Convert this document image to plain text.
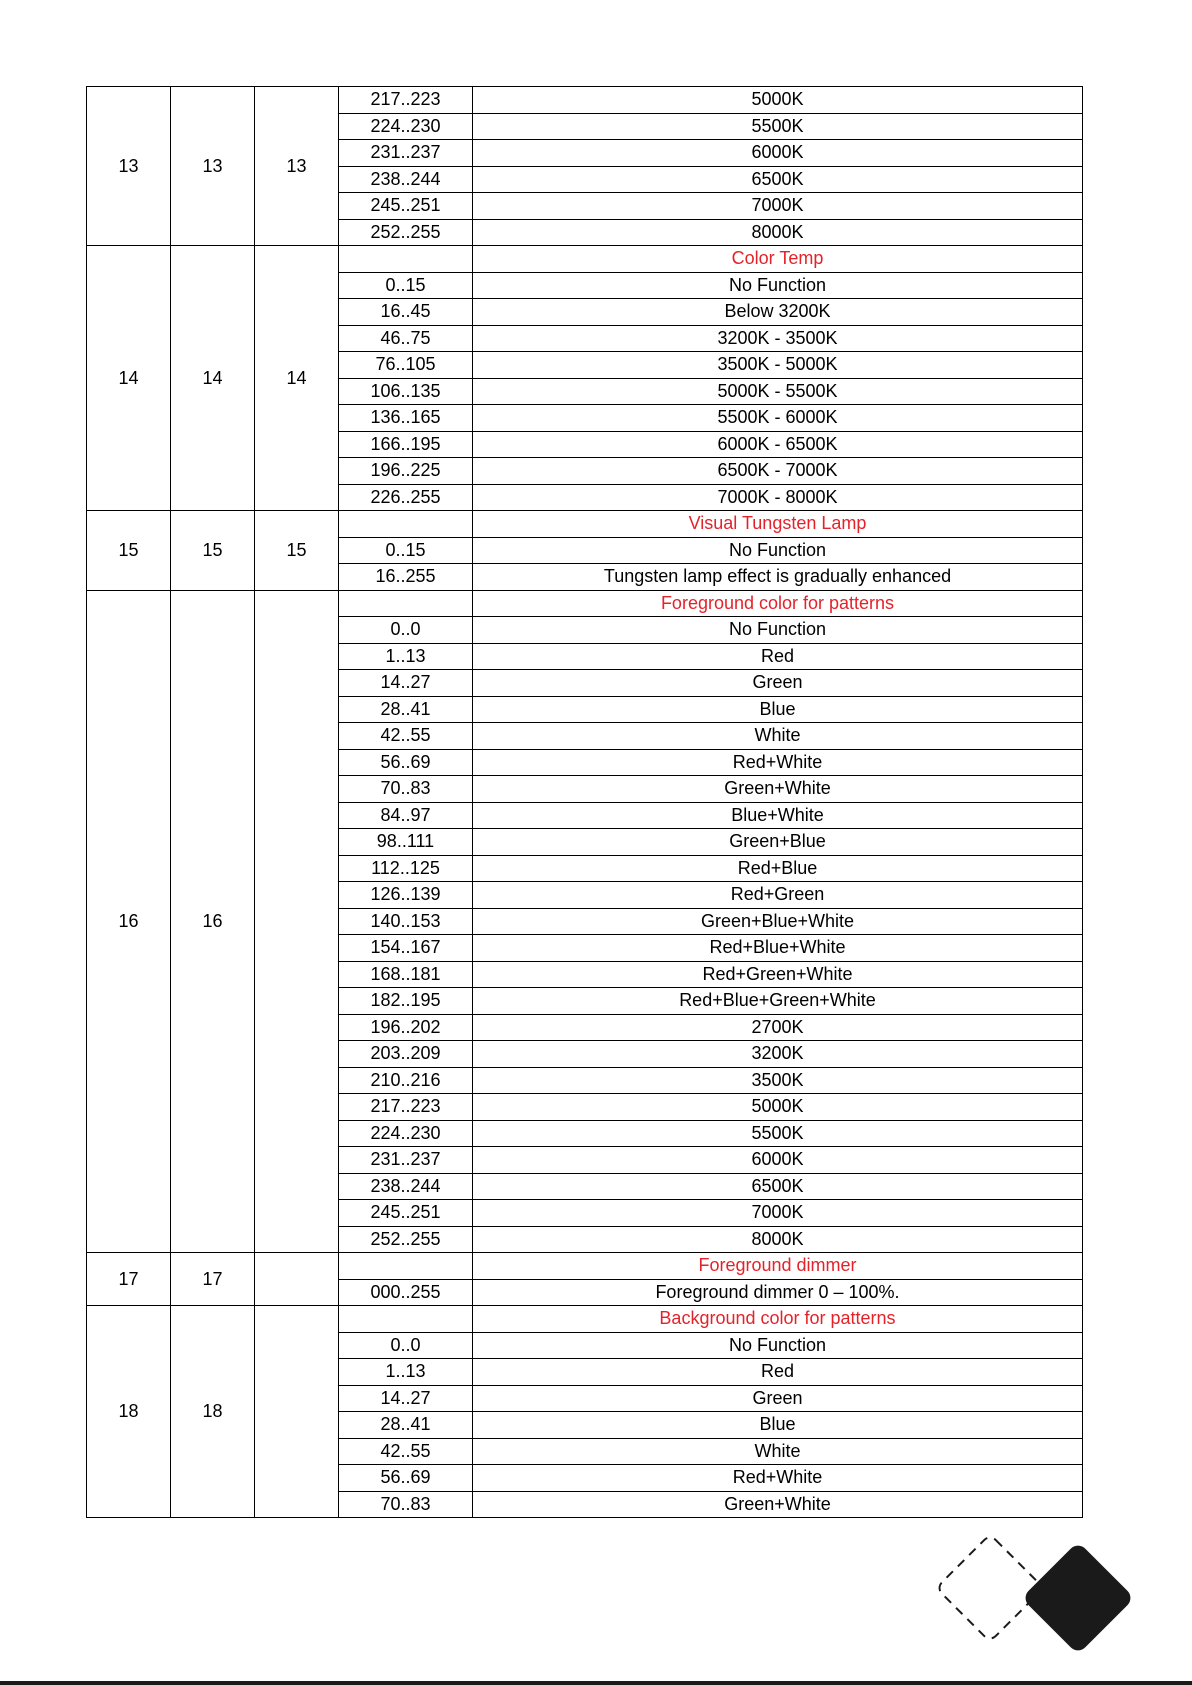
13	13	13	217..223	5000K
			224..230	5500K
			231..237	6000K
			238..244	6500K
			245..251	7000K
			252..255	8000K
14	14	14		Color Temp
			0..15	No Function
			16..45	Below 3200K
			46..75	3200K - 3500K
			76..105	3500K - 5000K
			106..135	5000K - 5500K
			136..165	5500K - 6000K
			166..195	6000K - 6500K
			196..225	6500K - 7000K
			226..255	7000K - 8000K
15	15	15		Visual Tungsten Lamp
			0..15	No Function
			16..255	Tungsten lamp effect is gradually enhanced
16	16			Foreground color for patterns
			0..0	No Function
			1..13	Red
			14..27	Green
			28..41	Blue
			42..55	White
			56..69	Red+White
			70..83	Green+White
			84..97	Blue+White
			98..111	Green+Blue
			112..125	Red+Blue
			126..139	Red+Green
			140..153	Green+Blue+White
			154..167	Red+Blue+White
			168..181	Red+Green+White
			182..195	Red+Blue+Green+White
			196..202	2700K
			203..209	3200K
			210..216	3500K
			217..223	5000K
			224..230	5500K
			231..237	6000K
			238..244	6500K
			245..251	7000K
			252..255	8000K
17	17			Foreground dimmer
			000..255	Foreground dimmer 0 – 100%.
18	18			Background color for patterns
			0..0	No Function
			1..13	Red
			14..27	Green
			28..41	Blue
			42..55	White
			56..69	Red+White
			70..83	Green+White
